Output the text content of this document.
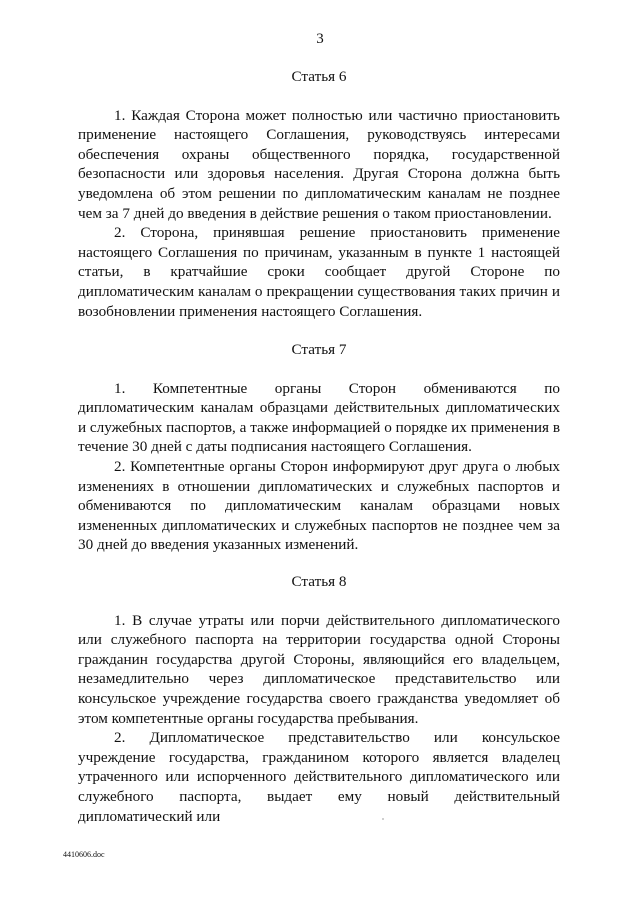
3

Статья 6

1. Каждая Сторона может полностью или частично приостановить применение настоящего Соглашения, руководствуясь интересами обеспечения охраны общественного порядка, государственной безопасности или здоровья населения. Другая Сторона должна быть уведомлена об этом решении по дипломатическим каналам не позднее чем за 7 дней до введения в действие решения о таком приостановлении.

2. Сторона, принявшая решение приостановить применение настоящего Соглашения по причинам, указанным в пункте 1 настоящей статьи, в кратчайшие сроки сообщает другой Стороне по дипломатическим каналам о прекращении существования таких причин и возобновлении применения настоящего Соглашения.

Статья 7

1. Компетентные органы Сторон обмениваются по дипломатическим каналам образцами действительных дипломатических и служебных паспортов, а также информацией о порядке их применения в течение 30 дней с даты подписания настоящего Соглашения.

2. Компетентные органы Сторон информируют друг друга о любых изменениях в отношении дипломатических и служебных паспортов и обмениваются по дипломатическим каналам образцами новых измененных дипломатических и служебных паспортов не позднее чем за 30 дней до введения указанных изменений.

Статья 8

1. В случае утраты или порчи действительного дипломатического или служебного паспорта на территории государства одной Стороны гражданин государства другой Стороны, являющийся его владельцем, незамедлительно через дипломатическое представительство или консульское учреждение государства своего гражданства уведомляет об этом компетентные органы государства пребывания.

2. Дипломатическое представительство или консульское учреждение государства, гражданином которого является владелец утраченного или испорченного действительного дипломатического или служебного паспорта, выдает ему новый действительный дипломатический или

4410606.doc
